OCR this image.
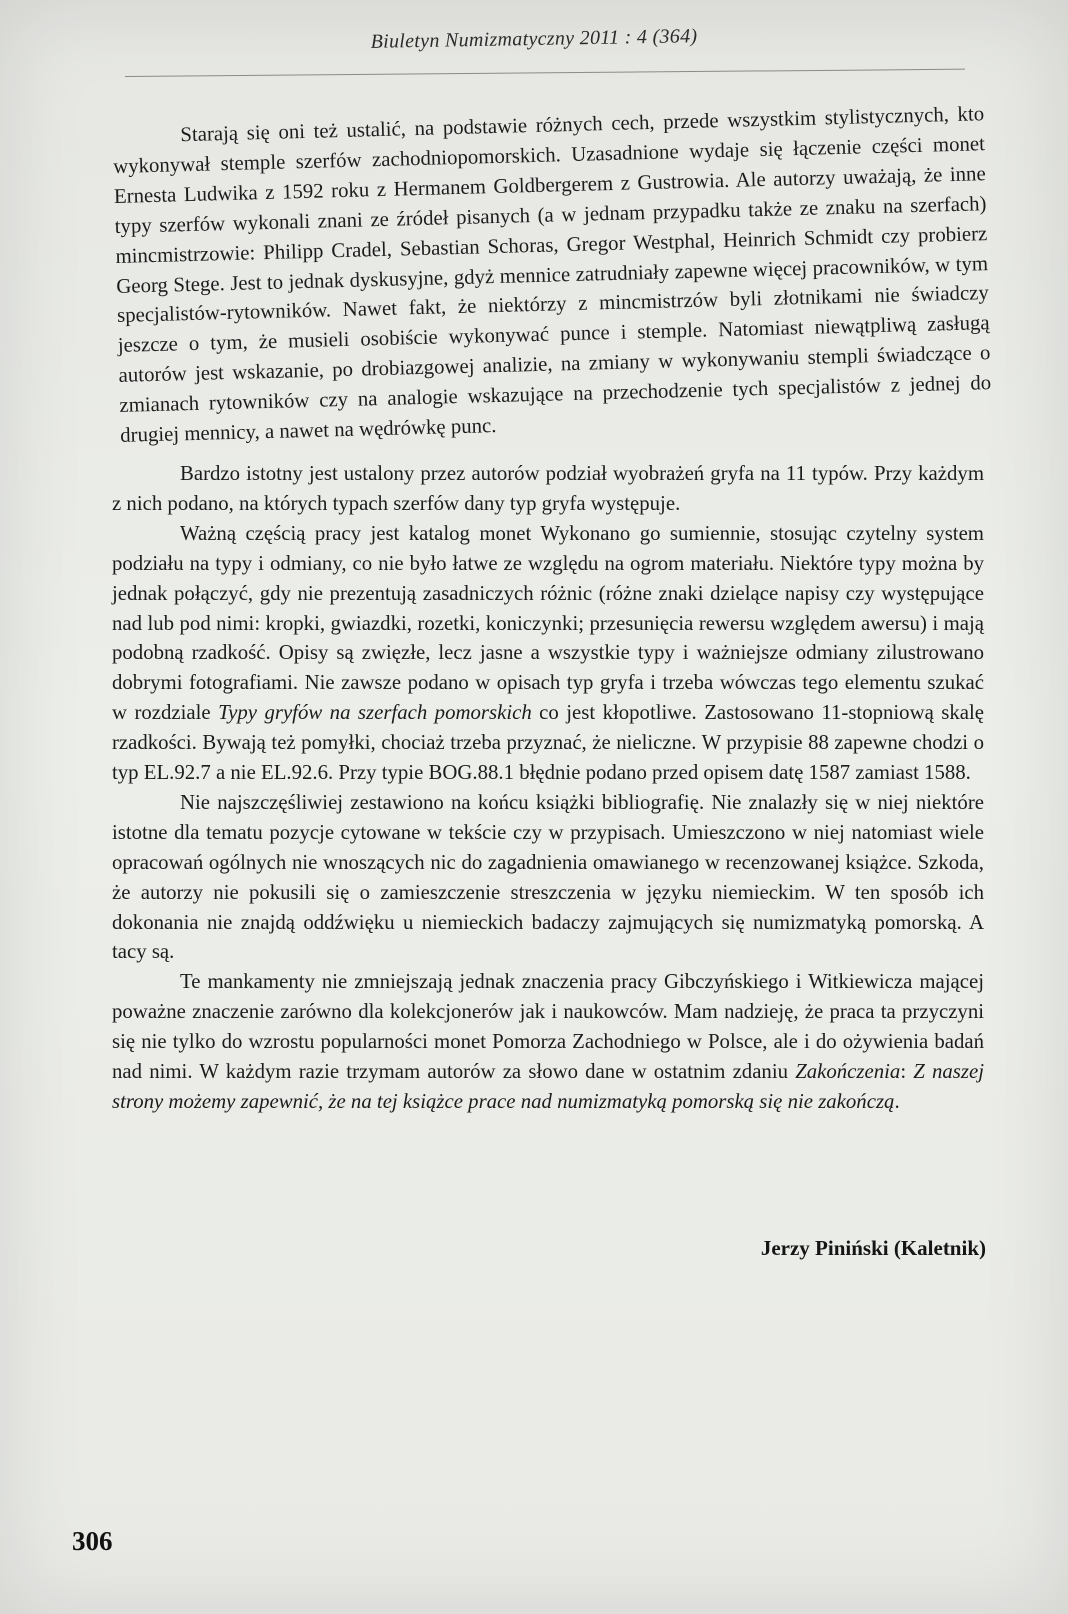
Biuletyn Numizmatyczny 2011 : 4 (364)

Starają się oni też ustalić, na podstawie różnych cech, przede wszystkim stylistycznych, kto wykonywał stemple szerfów zachodniopomorskich. Uzasadnione wydaje się łączenie części monet Ernesta Ludwika z 1592 roku z Hermanem Goldbergerem z Gustrowia. Ale autorzy uważają, że inne typy szerfów wykonali znani ze źródeł pisanych (a w jednam przypadku także ze znaku na szerfach) mincmistrzowie: Philipp Cradel, Sebastian Schoras, Gregor Westphal, Heinrich Schmidt czy probierz Georg Stege. Jest to jednak dyskusyjne, gdyż mennice zatrudniały zapewne więcej pracowników, w tym specjalistów-rytowników. Nawet fakt, że niektórzy z mincmistrzów byli złotnikami nie świadczy jeszcze o tym, że musieli osobiście wykonywać punce i stemple. Natomiast niewątpliwą zasługą autorów jest wskazanie, po drobiazgowej analizie, na zmiany w wykonywaniu stempli świadczące o zmianach rytowników czy na analogie wskazujące na przechodzenie tych specjalistów z jednej do drugiej mennicy, a nawet na wędrówkę punc.

Bardzo istotny jest ustalony przez autorów podział wyobrażeń gryfa na 11 typów. Przy każdym z nich podano, na których typach szerfów dany typ gryfa występuje.

Ważną częścią pracy jest katalog monet Wykonano go sumiennie, stosując czytelny system podziału na typy i odmiany, co nie było łatwe ze względu na ogrom materiału. Niektóre typy można by jednak połączyć, gdy nie prezentują zasadniczych różnic (różne znaki dzielące napisy czy występujące nad lub pod nimi: kropki, gwiazdki, rozetki, koniczynki; przesunięcia rewersu względem awersu) i mają podobną rzadkość. Opisy są zwięzłe, lecz jasne a wszystkie typy i ważniejsze odmiany zilustrowano dobrymi fotografiami. Nie zawsze podano w opisach typ gryfa i trzeba wówczas tego elementu szukać w rozdziale Typy gryfów na szerfach pomorskich co jest kłopotliwe. Zastosowano 11-stopniową skalę rzadkości. Bywają też pomyłki, chociaż trzeba przyznać, że nieliczne. W przypisie 88 zapewne chodzi o typ EL.92.7 a nie EL.92.6. Przy typie BOG.88.1 błędnie podano przed opisem datę 1587 zamiast 1588.

Nie najszczęśliwiej zestawiono na końcu książki bibliografię. Nie znalazły się w niej niektóre istotne dla tematu pozycje cytowane w tekście czy w przypisach. Umieszczono w niej natomiast wiele opracowań ogólnych nie wnoszących nic do zagadnienia omawianego w recenzowanej książce. Szkoda, że autorzy nie pokusili się o zamieszczenie streszczenia w języku niemieckim. W ten sposób ich dokonania nie znajdą oddźwięku u niemieckich badaczy zajmujących się numizmatyką pomorską. A tacy są.

Te mankamenty nie zmniejszają jednak znaczenia pracy Gibczyńskiego i Witkiewicza mającej poważne znaczenie zarówno dla kolekcjonerów jak i naukowców. Mam nadzieję, że praca ta przyczyni się nie tylko do wzrostu popularności monet Pomorza Zachodniego w Polsce, ale i do ożywienia badań nad nimi. W każdym razie trzymam autorów za słowo dane w ostatnim zdaniu Zakończenia: Z naszej strony możemy zapewnić, że na tej książce prace nad numizmatyką pomorską się nie zakończą.

Jerzy Piniński (Kaletnik)
306
